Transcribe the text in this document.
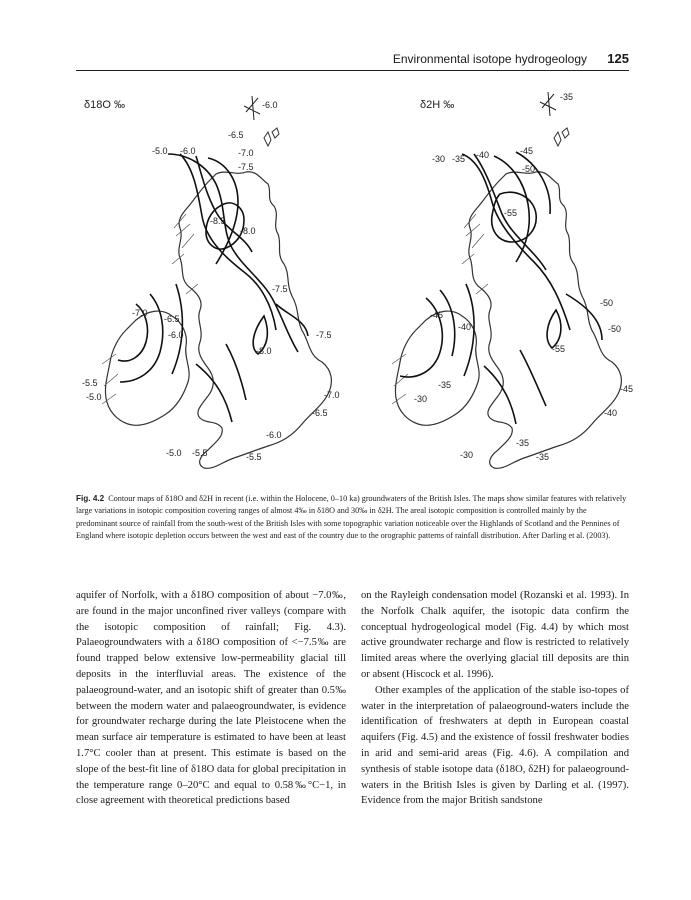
Environmental isotope hydrogeology 125
δ18O ‰	-6.0
-6.5
-5.0 -6.0	-7.0
-7.5
-8.5
-8.0
-7.5
-7.0
-6.5
-6.0	-7.5
-8.0
-5.5
-5.0	-7.0
-6.5
-6.0
-5.0 -5.5	-5.5
δ2H ‰
-35
-30 -35 -40	-45
-50
-55
-45
-40
-50
-50
-55
-35
-30
-45
-40
-35
-30	-35
Fig. 4.2 Contour maps of δ18O and δ2H in recent (i.e. within the Holocene, 0–10 ka) groundwaters of the British Isles. The maps show similar features with relatively large variations in isotopic composition covering ranges of almost 4‰ in δ18O and 30‰ in δ2H. The areal isotopic composition is controlled mainly by the predominant source of rainfall from the south-west of the British Isles with some topographic variation noticeable over the Highlands of Scotland and the Pennines of England where isotopic depletion occurs between the west and east of the country due to the orographic patterns of rainfall distribution. After Darling et al. (2003).

aquifer of Norfolk, with a δ18O composition of about −7.0‰, are found in the major unconfined river valleys (compare with the isotopic composition of rainfall; Fig. 4.3). Palaeogroundwaters with a δ18O composition of <−7.5‰ are found trapped below extensive low-permeability glacial till deposits in the interfluvial areas. The existence of the palaeoground-water, and an isotopic shift of greater than 0.5‰ between the modern water and palaeogroundwater, is evidence for groundwater recharge during the late Pleistocene when the mean surface air temperature is estimated to have been at least 1.7°C cooler than at present. This estimate is based on the slope of the best-fit line of δ18O data for global precipitation in the temperature range 0–20°C and equal to 0.58‰°C−1, in close agreement with theoretical predictions based

on the Rayleigh condensation model (Rozanski et al. 1993). In the Norfolk Chalk aquifer, the isotopic data confirm the conceptual hydrogeological model (Fig. 4.4) by which most active groundwater recharge and flow is restricted to relatively limited areas where the overlying glacial till deposits are thin or absent (Hiscock et al. 1996).

Other examples of the application of the stable iso-topes of water in the interpretation of palaeoground-waters include the identification of freshwaters at depth in European coastal aquifers (Fig. 4.5) and the existence of fossil freshwater bodies in arid and semi-arid areas (Fig. 4.6). A compilation and synthesis of stable isotope data (δ18O, δ2H) for palaeoground-waters in the British Isles is given by Darling et al. (1997). Evidence from the major British sandstone
